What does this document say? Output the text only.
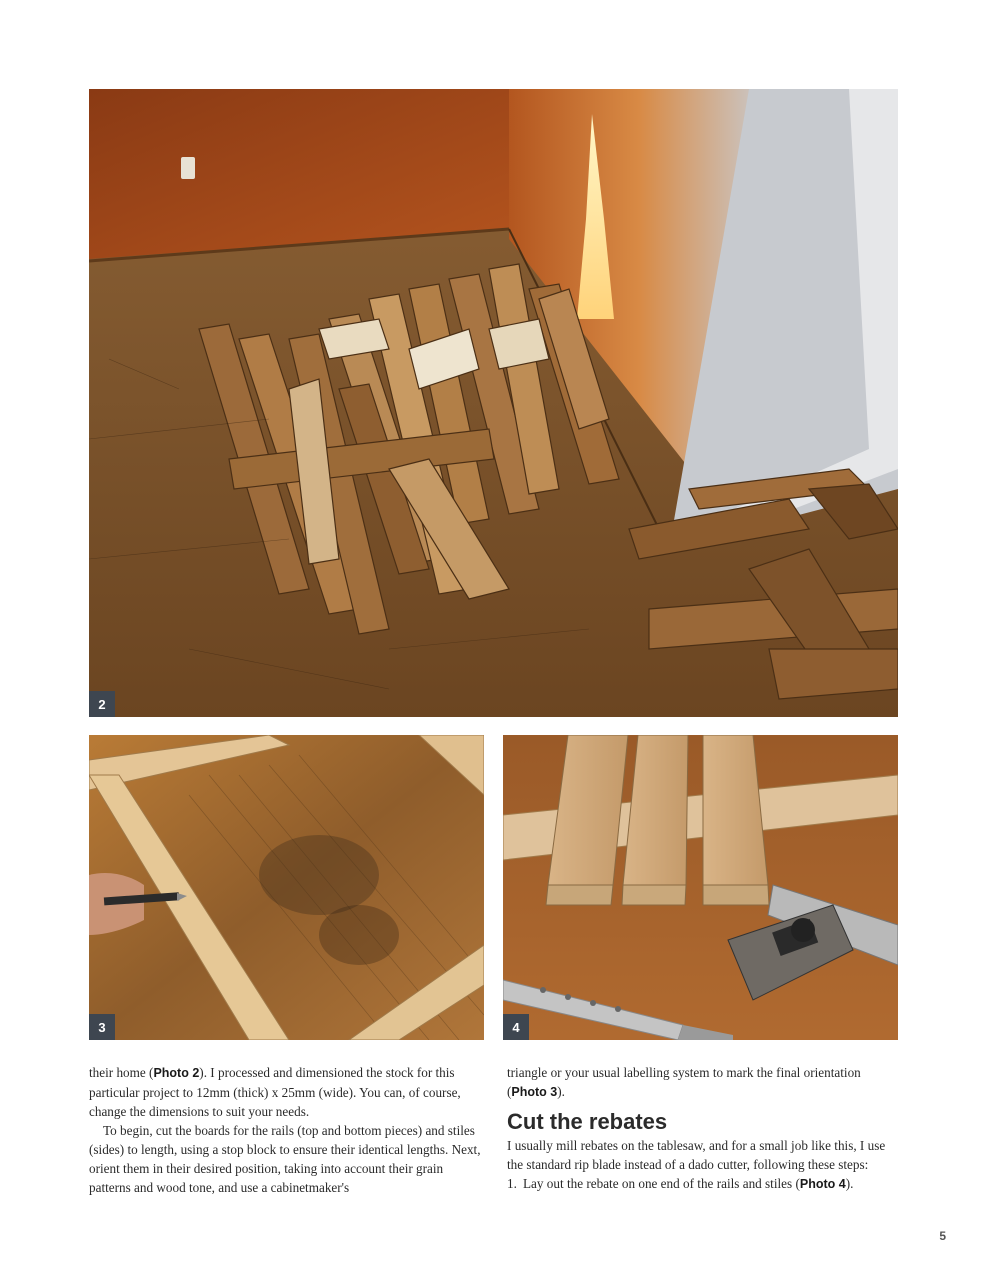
2
3	4

their home (Photo 2). I processed and dimensioned the stock for this particular project to 12mm (thick) x 25mm (wide). You can, of course, change the dimensions to suit your needs.

To begin, cut the boards for the rails (top and bottom pieces) and stiles (sides) to length, using a stop block to ensure their identical lengths. Next, orient them in their desired position, taking into account their grain patterns and wood tone, and use a cabinetmaker's

triangle or your usual labelling system to mark the final orientation (Photo 3).

Cut the rebates

I usually mill rebates on the tablesaw, and for a small job like this, I use the standard rip blade instead of a dado cutter, following these steps:

1. Lay out the rebate on one end of the rails and stiles (Photo 4).
5
